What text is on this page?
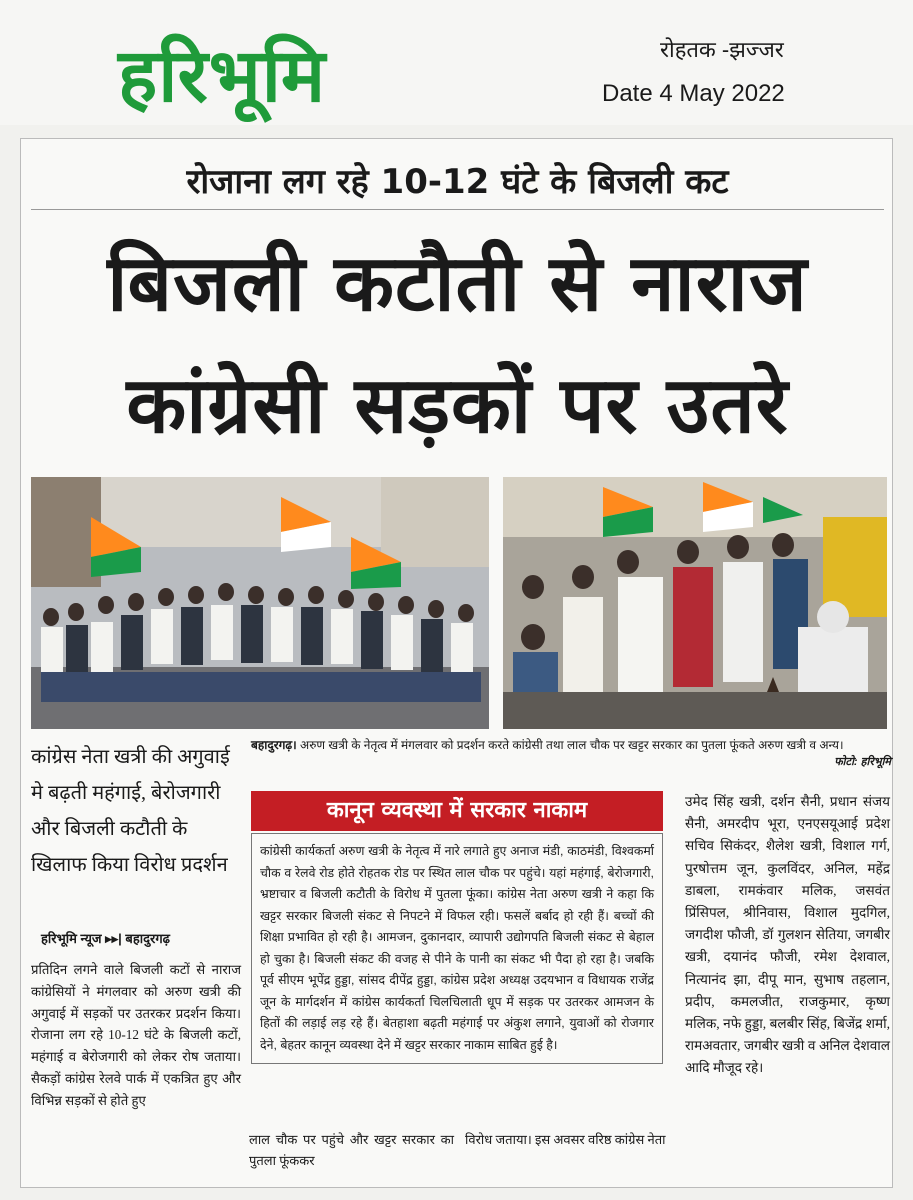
हरिभूमि	रोहतक -झज्जर
Date 4 May 2022
रोजाना लग रहे 10-12 घंटे के बिजली कट
बिजली कटौती से नाराज
कांग्रेसी सड़कों पर उतरे
कांग्रेस नेता खत्री की अगुवाई मे बढ़ती महंगाई, बेरोजगारी और बिजली कटौती के खिलाफ किया विरोध प्रदर्शन
बहादुरगढ़। अरुण खत्री के नेतृत्व में मंगलवार को प्रदर्शन करते कांग्रेसी तथा लाल चौक पर खट्टर सरकार का पुतला फूंकते अरुण खत्री व अन्य।
फोटो: हरिभूमि
हरिभूमि न्यूज ▸▸| बहादुरगढ़
प्रतिदिन लगने वाले बिजली कटों से नाराज कांग्रेसियों ने मंगलवार को अरुण खत्री की अगुवाई में सड़कों पर उतरकर प्रदर्शन किया। रोजाना लग रहे 10-12 घंटे के बिजली कटों, महंगाई व बेरोजगारी को लेकर रोष जताया। सैकड़ों कांग्रेस रेलवे पार्क में एकत्रित हुए और विभिन्न सड़कों से होते हुए
कानून व्यवस्था में सरकार नाकाम
कांग्रेसी कार्यकर्ता अरुण खत्री के नेतृत्व में नारे लगाते हुए अनाज मंडी, काठमंडी, विश्वकर्मा चौक व रेलवे रोड होते रोहतक रोड पर स्थित लाल चौक पर पहुंचे। यहां महंगाई, बेरोजगारी, भ्रष्टाचार व बिजली कटौती के विरोध में पुतला फूंका। कांग्रेस नेता अरुण खत्री ने कहा कि खट्टर सरकार बिजली संकट से निपटने में विफल रही। फसलें बर्बाद हो रही हैं। बच्चों की शिक्षा प्रभावित हो रही है। आमजन, दुकानदार, व्यापारी उद्योगपति बिजली संकट से बेहाल हो चुका है। बिजली संकट की वजह से पीने के पानी का संकट भी पैदा हो रहा है। जबकि पूर्व सीएम भूपेंद्र हुड्डा, सांसद दीपेंद्र हुड्डा, कांग्रेस प्रदेश अध्यक्ष उदयभान व विधायक राजेंद्र जून के मार्गदर्शन में कांग्रेस कार्यकर्ता चिलचिलाती धूप में सड़क पर उतरकर आमजन के हितों की लड़ाई लड़ रहे हैं। बेतहाशा बढ़ती महंगाई पर अंकुश लगाने, युवाओं को रोजगार देने, बेहतर कानून व्यवस्था देने में खट्टर सरकार नाकाम साबित हुई है।
लाल चौक पर पहुंचे और खट्टर सरकार का पुतला फूंककर
विरोध जताया। इस अवसर वरिष्ठ कांग्रेस नेता
उमेद सिंह खत्री, दर्शन सैनी, प्रधान संजय सैनी, अमरदीप भूरा, एनएसयूआई प्रदेश सचिव सिकंदर, शैलेश खत्री, विशाल गर्ग, पुरषोत्तम जून, कुलविंदर, अनिल, महेंद्र डाबला, रामकंवार मलिक, जसवंत प्रिंसिपल, श्रीनिवास, विशाल मुदगिल, जगदीश फौजी, डॉ गुलशन सेतिया, जगबीर खत्री, दयानंद फौजी, रमेश देशवाल, नित्यानंद झा, दीपू मान, सुभाष तहलान, प्रदीप, कमलजीत, राजकुमार, कृष्ण मलिक, नफे हुड्डा, बलबीर सिंह, बिजेंद्र शर्मा, रामअवतार, जगबीर खत्री व अनिल देशवाल आदि मौजूद रहे।
